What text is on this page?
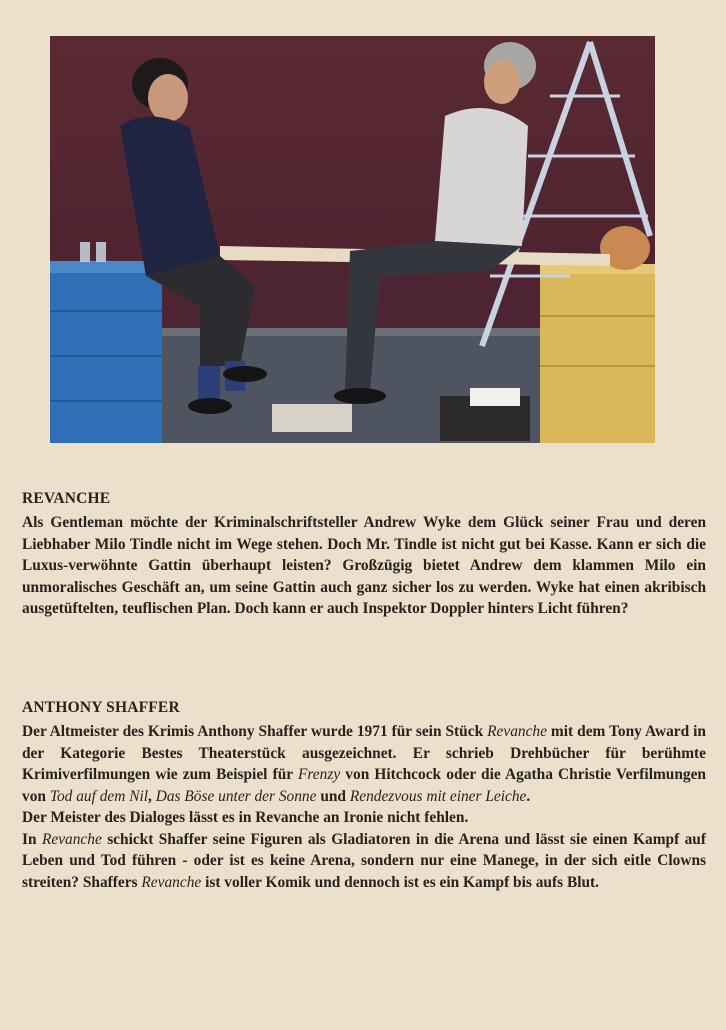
REVANCHE

Als Gentleman möchte der Kriminalschriftsteller Andrew Wyke dem Glück seiner Frau und deren Liebhaber Milo Tindle nicht im Wege stehen. Doch Mr. Tindle ist nicht gut bei Kasse. Kann er sich die Luxus-verwöhnte Gattin überhaupt leisten? Großzügig bietet Andrew dem klammen Milo ein unmoralisches Geschäft an, um seine Gattin auch ganz sicher los zu werden. Wyke hat einen akribisch ausgetüftelten, teuflischen Plan. Doch kann er auch Inspektor Doppler hinters Licht führen?

ANTHONY SHAFFER

Der Altmeister des Krimis Anthony Shaffer wurde 1971 für sein Stück Revanche mit dem Tony Award in der Kategorie Bestes Theaterstück ausgezeichnet. Er schrieb Drehbücher für berühmte Krimiverfilmungen wie zum Beispiel für Frenzy von Hitchcock oder die Agatha Christie Verfilmungen von Tod auf dem Nil, Das Böse unter der Sonne und Rendezvous mit einer Leiche.

Der Meister des Dialoges lässt es in Revanche an Ironie nicht fehlen.

In Revanche schickt Shaffer seine Figuren als Gladiatoren in die Arena und lässt sie einen Kampf auf Leben und Tod führen - oder ist es keine Arena, sondern nur eine Manege, in der sich eitle Clowns streiten? Shaffers Revanche ist voller Komik und dennoch ist es ein Kampf bis aufs Blut.
